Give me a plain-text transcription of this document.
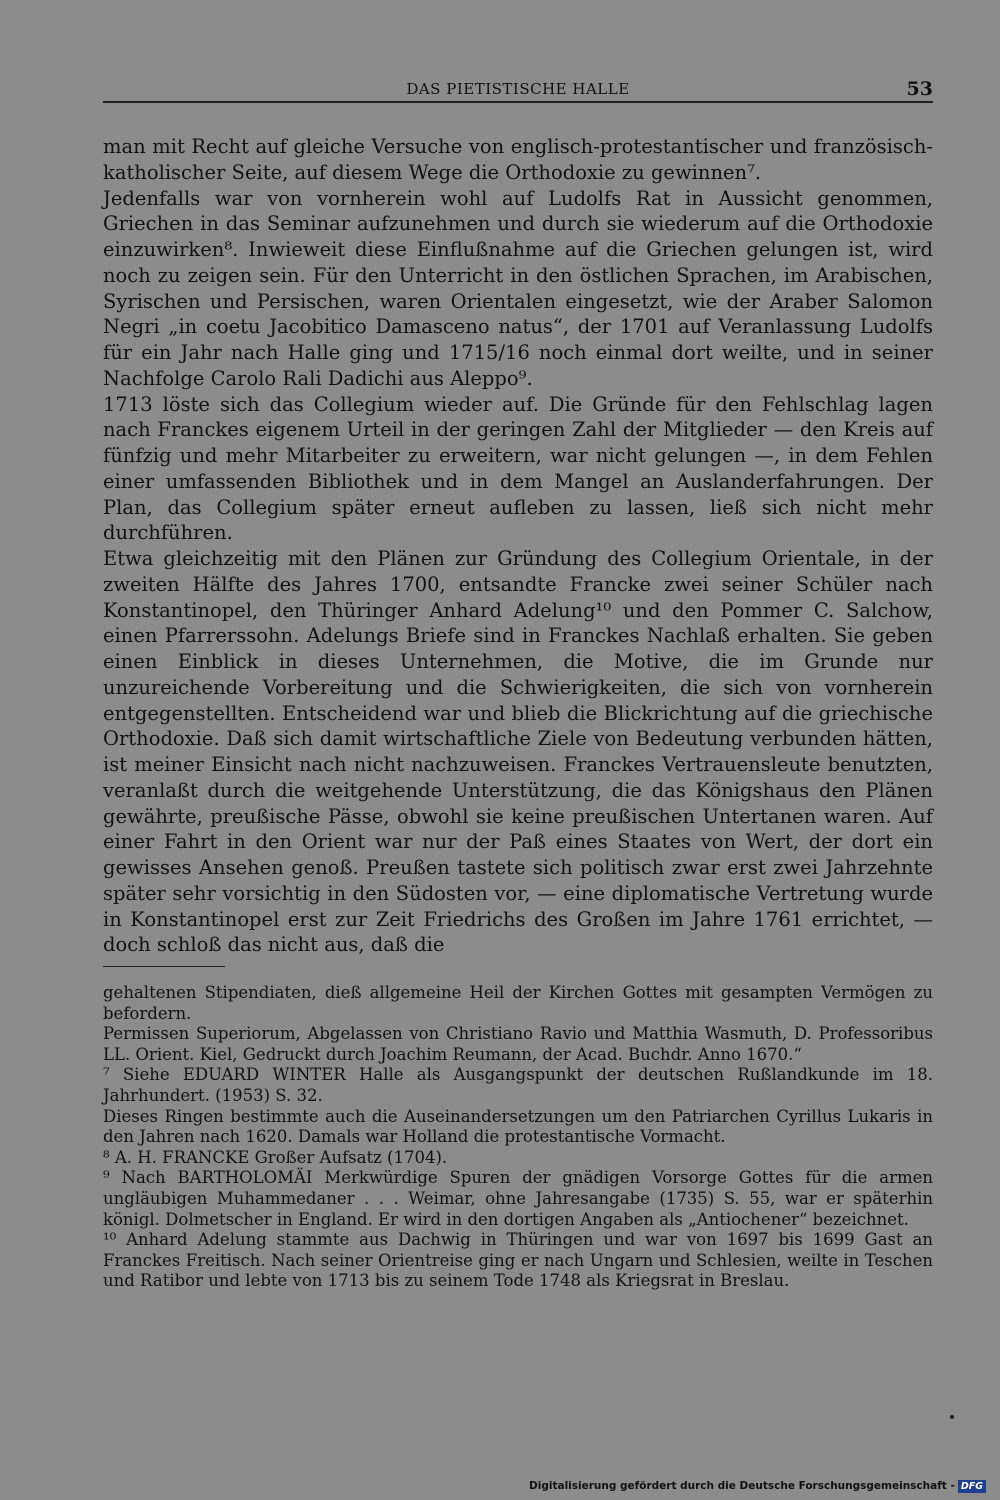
DAS PIETISTISCHE HALLE	53

man mit Recht auf gleiche Versuche von englisch-protestantischer und französisch-katholischer Seite, auf diesem Wege die Orthodoxie zu gewinnen⁷.

Jedenfalls war von vornherein wohl auf Ludolfs Rat in Aussicht genommen, Griechen in das Seminar aufzunehmen und durch sie wiederum auf die Orthodoxie einzuwirken⁸. Inwieweit diese Einflußnahme auf die Griechen gelungen ist, wird noch zu zeigen sein. Für den Unterricht in den östlichen Sprachen, im Arabischen, Syrischen und Persischen, waren Orientalen eingesetzt, wie der Araber Salomon Negri „in coetu Jacobitico Damasceno natus“, der 1701 auf Veranlassung Ludolfs für ein Jahr nach Halle ging und 1715/16 noch einmal dort weilte, und in seiner Nachfolge Carolo Rali Dadichi aus Aleppo⁹.

1713 löste sich das Collegium wieder auf. Die Gründe für den Fehlschlag lagen nach Franckes eigenem Urteil in der geringen Zahl der Mitglieder — den Kreis auf fünfzig und mehr Mitarbeiter zu erweitern, war nicht gelungen —, in dem Fehlen einer umfassenden Bibliothek und in dem Mangel an Auslanderfahrungen. Der Plan, das Collegium später erneut aufleben zu lassen, ließ sich nicht mehr durchführen.

Etwa gleichzeitig mit den Plänen zur Gründung des Collegium Orientale, in der zweiten Hälfte des Jahres 1700, entsandte Francke zwei seiner Schüler nach Konstantinopel, den Thüringer Anhard Adelung¹⁰ und den Pommer C. Salchow, einen Pfarrerssohn. Adelungs Briefe sind in Franckes Nachlaß erhalten. Sie geben einen Einblick in dieses Unternehmen, die Motive, die im Grunde nur unzureichende Vorbereitung und die Schwierigkeiten, die sich von vornherein entgegenstellten. Entscheidend war und blieb die Blickrichtung auf die griechische Orthodoxie. Daß sich damit wirtschaftliche Ziele von Bedeutung verbunden hätten, ist meiner Einsicht nach nicht nachzuweisen. Franckes Vertrauensleute benutzten, veranlaßt durch die weitgehende Unterstützung, die das Königshaus den Plänen gewährte, preußische Pässe, obwohl sie keine preußischen Untertanen waren. Auf einer Fahrt in den Orient war nur der Paß eines Staates von Wert, der dort ein gewisses Ansehen genoß. Preußen tastete sich politisch zwar erst zwei Jahrzehnte später sehr vorsichtig in den Südosten vor, — eine diplomatische Vertretung wurde in Konstantinopel erst zur Zeit Friedrichs des Großen im Jahre 1761 errichtet, — doch schloß das nicht aus, daß die

gehaltenen Stipendiaten, dieß allgemeine Heil der Kirchen Gottes mit gesampten Vermögen zu befordern.

Permissen Superiorum, Abgelassen von Christiano Ravio und Matthia Wasmuth, D. Professoribus LL. Orient. Kiel, Gedruckt durch Joachim Reumann, der Acad. Buchdr. Anno 1670.“

⁷ Siehe EDUARD WINTER Halle als Ausgangspunkt der deutschen Rußlandkunde im 18. Jahrhundert. (1953) S. 32.

Dieses Ringen bestimmte auch die Auseinandersetzungen um den Patriarchen Cyrillus Lukaris in den Jahren nach 1620. Damals war Holland die protestantische Vormacht.

⁸ A. H. FRANCKE Großer Aufsatz (1704).

⁹ Nach BARTHOLOMÄI Merkwürdige Spuren der gnädigen Vorsorge Gottes für die armen ungläubigen Muhammedaner . . . Weimar, ohne Jahresangabe (1735) S. 55, war er späterhin königl. Dolmetscher in England. Er wird in den dortigen Angaben als „Antiochener“ bezeichnet.

¹⁰ Anhard Adelung stammte aus Dachwig in Thüringen und war von 1697 bis 1699 Gast an Franckes Freitisch. Nach seiner Orientreise ging er nach Ungarn und Schlesien, weilte in Teschen und Ratibor und lebte von 1713 bis zu seinem Tode 1748 als Kriegsrat in Breslau.

Digitalisierung gefördert durch die Deutsche Forschungsgemeinschaft - DFG
